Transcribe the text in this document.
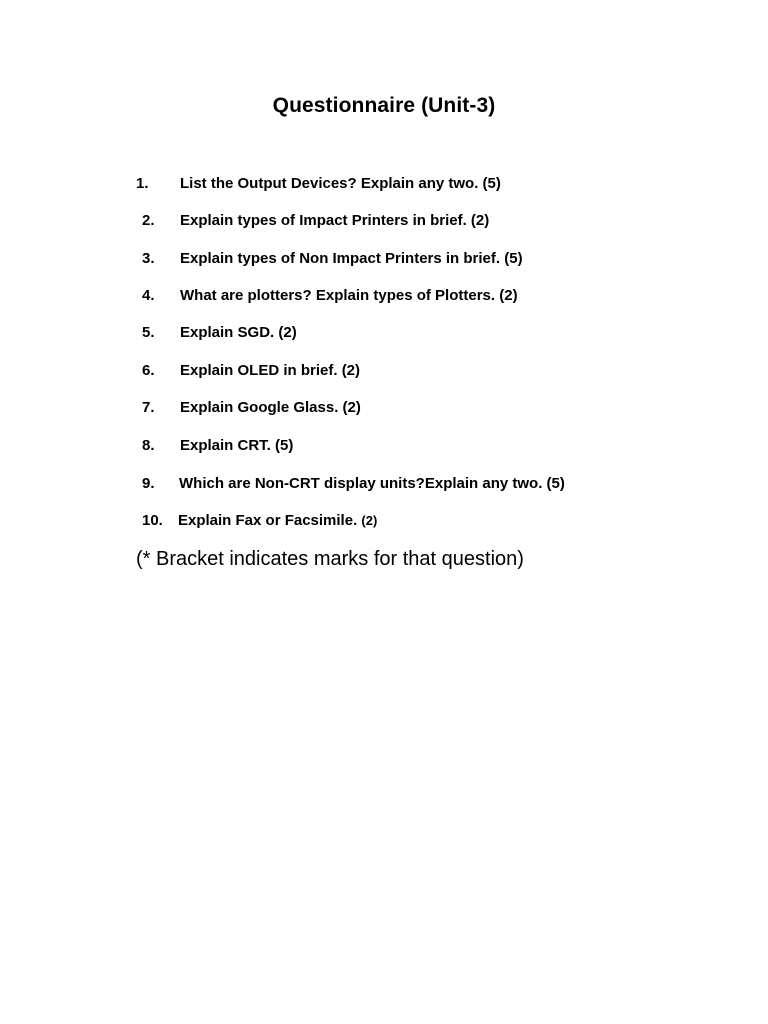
Questionnaire (Unit-3)
1. List the Output Devices? Explain any two. (5)
2. Explain types of Impact Printers in brief. (2)
3. Explain types of Non Impact Printers in brief. (5)
4. What are plotters? Explain types of Plotters. (2)
5. Explain SGD. (2)
6. Explain OLED in brief. (2)
7. Explain Google Glass. (2)
8. Explain CRT. (5)
9. Which are Non-CRT display units?Explain any two. (5)
10. Explain Fax or Facsimile. (2)
(* Bracket indicates marks for that question)
